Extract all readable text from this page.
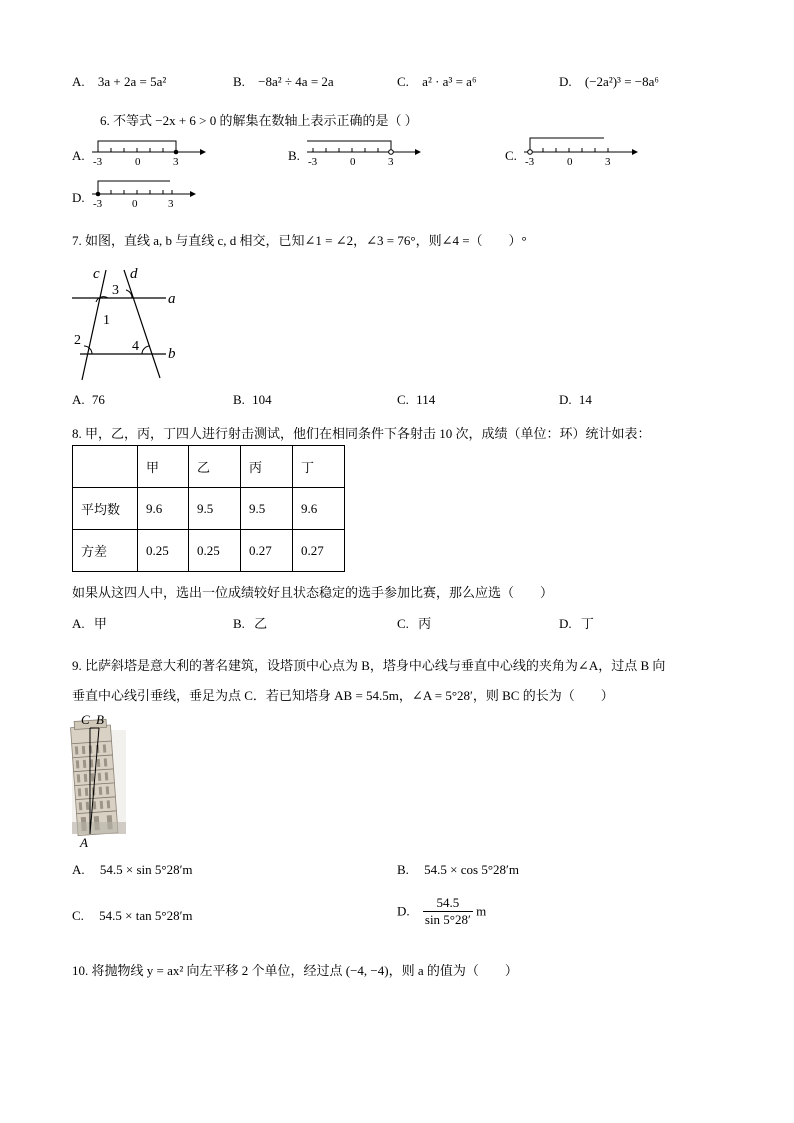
A. 3a + 2a = 5a²	B. −8a² ÷ 4a = 2a	C. a² · a³ = a⁶	D. (−2a²)³ = −8a⁶
6. 不等式 −2x + 6 > 0 的解集在数轴上表示正确的是（ ）
A. -3	0	3	B. -3	0	3	C. -3	0	3
D. -3	0	3
7. 如图，直线 a, b 与直线 c, d 相交，已知∠1 = ∠2，∠3 = 76°，则∠4 =（　　）°
c d
a
b
1
2
3
4
A. 76	B. 104	C. 114	D. 14
8. 甲，乙，丙，丁四人进行射击测试，他们在相同条件下各射击 10 次，成绩（单位：环）统计如表：
	甲	乙	丙	丁
平均数	9.6	9.5	9.5	9.6
方差	0.25	0.25	0.27	0.27
如果从这四人中，选出一位成绩较好且状态稳定的选手参加比赛，那么应选（　　）
A. 甲	B. 乙	C. 丙	D. 丁
9. 比萨斜塔是意大利的著名建筑，设塔顶中心点为 B，塔身中心线与垂直中心线的夹角为∠A，过点 B 向
垂直中心线引垂线，垂足为点 C．若已知塔身 AB = 54.5m，∠A = 5°28′，则 BC 的长为（　　）
C B
A
A. 54.5 × sin 5°28′m	B. 54.5 × cos 5°28′m
C. 54.5 × tan 5°28′m	D. $\frac{54.5}{\sin 5^\circ 28'}$ m
10. 将抛物线 y = ax² 向左平移 2 个单位，经过点 (−4, −4)，则 a 的值为（　　）
